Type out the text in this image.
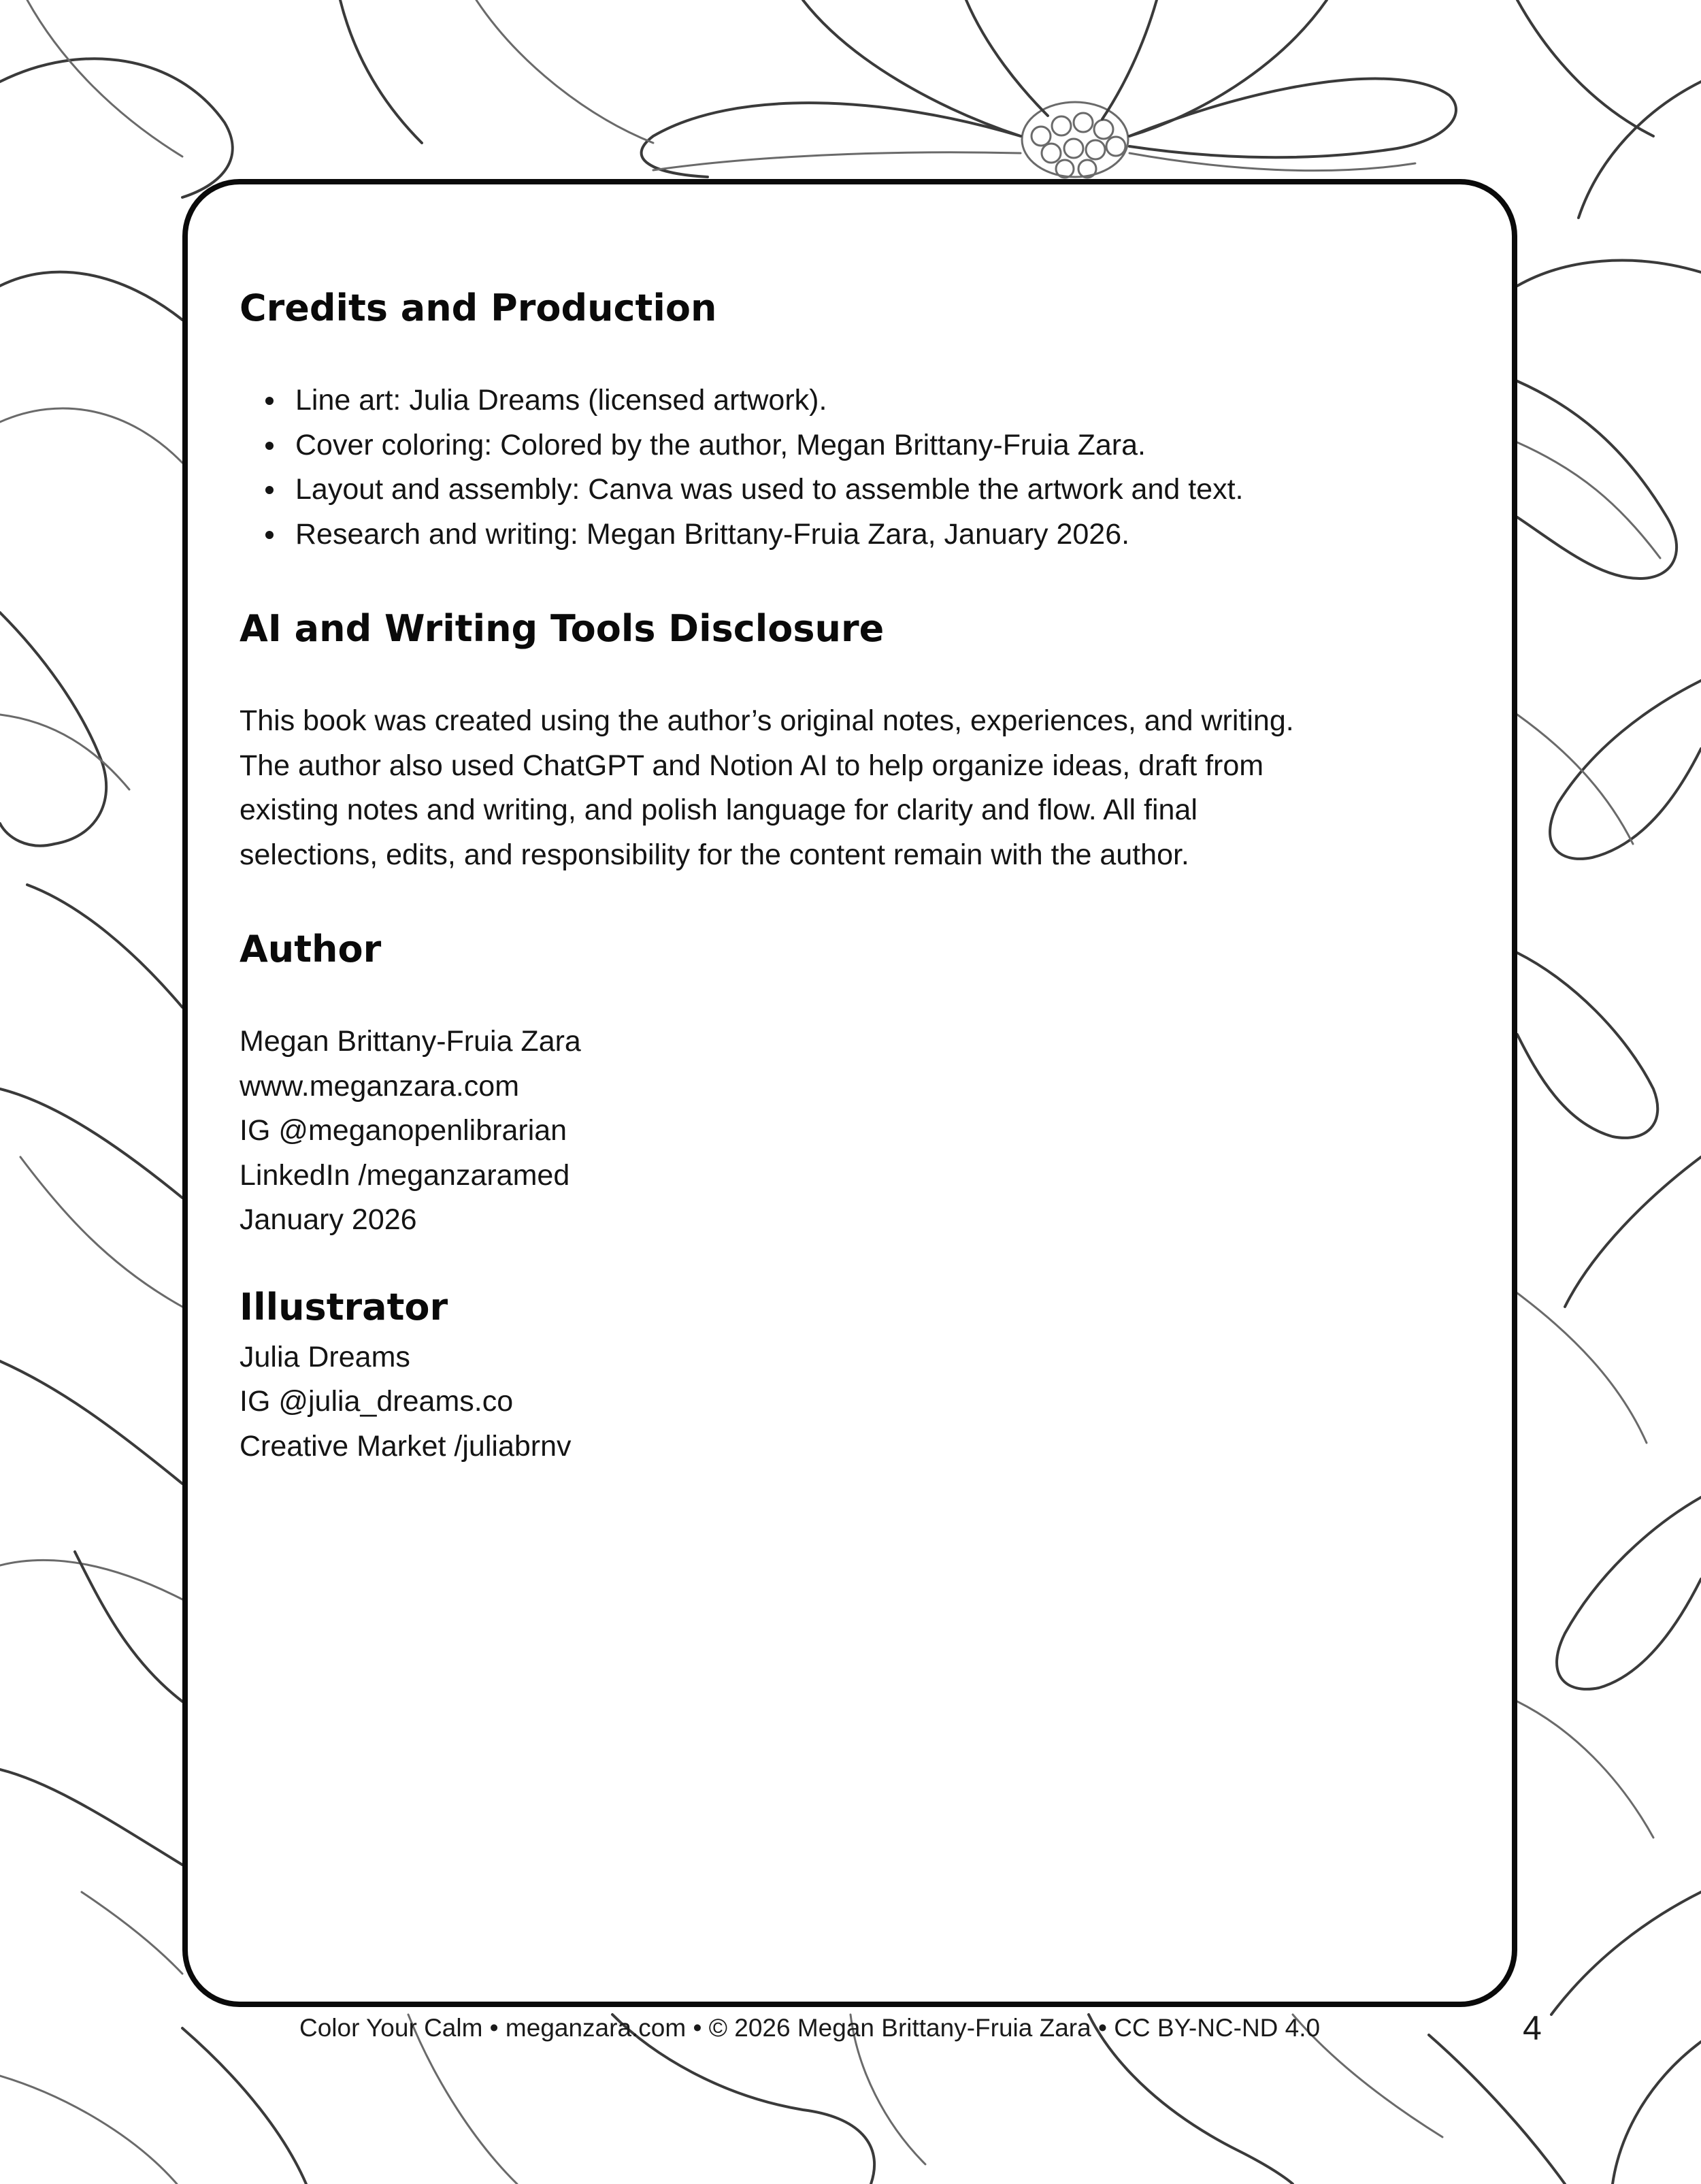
Credits and Production
Line art: Julia Dreams (licensed artwork).
Cover coloring: Colored by the author, Megan Brittany-Fruia Zara.
Layout and assembly: Canva was used to assemble the artwork and text.
Research and writing: Megan Brittany-Fruia Zara, January 2026.
AI and Writing Tools Disclosure

This book was created using the author’s original notes, experiences, and writing.
The author also used ChatGPT and Notion AI to help organize ideas, draft from
existing notes and writing, and polish language for clarity and flow. All final
selections, edits, and responsibility for the content remain with the author.

Author
Megan Brittany-Fruia Zara
www.meganzara.com
IG @meganopenlibrarian
LinkedIn /meganzaramed
January 2026
Illustrator
Julia Dreams
IG @julia_dreams.co
Creative Market /juliabrnv
Color Your Calm • meganzara.com • © 2026 Megan Brittany-Fruia Zara • CC BY-NC-ND 4.0	4
